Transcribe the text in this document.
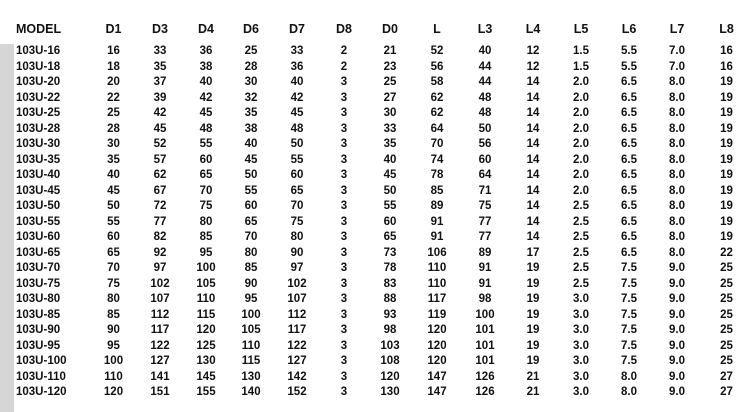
MODEL	D1	D3	D4	D6	D7	D8	D0	L	L3	L4	L5	L6	L7	L8
103U-16	16	33	36	25	33	2	21	52	40	12	1.5	5.5	7.0	16
103U-18	18	35	38	28	36	2	23	56	44	12	1.5	5.5	7.0	16
103U-20	20	37	40	30	40	3	25	58	44	14	2.0	6.5	8.0	19
103U-22	22	39	42	32	42	3	27	62	48	14	2.0	6.5	8.0	19
103U-25	25	42	45	35	45	3	30	62	48	14	2.0	6.5	8.0	19
103U-28	28	45	48	38	48	3	33	64	50	14	2.0	6.5	8.0	19
103U-30	30	52	55	40	50	3	35	70	56	14	2.0	6.5	8.0	19
103U-35	35	57	60	45	55	3	40	74	60	14	2.0	6.5	8.0	19
103U-40	40	62	65	50	60	3	45	78	64	14	2.0	6.5	8.0	19
103U-45	45	67	70	55	65	3	50	85	71	14	2.0	6.5	8.0	19
103U-50	50	72	75	60	70	3	55	89	75	14	2.5	6.5	8.0	19
103U-55	55	77	80	65	75	3	60	91	77	14	2.5	6.5	8.0	19
103U-60	60	82	85	70	80	3	65	91	77	14	2.5	6.5	8.0	19
103U-65	65	92	95	80	90	3	73	106	89	17	2.5	6.5	8.0	22
103U-70	70	97	100	85	97	3	78	110	91	19	2.5	7.5	9.0	25
103U-75	75	102	105	90	102	3	83	110	91	19	2.5	7.5	9.0	25
103U-80	80	107	110	95	107	3	88	117	98	19	3.0	7.5	9.0	25
103U-85	85	112	115	100	112	3	93	119	100	19	3.0	7.5	9.0	25
103U-90	90	117	120	105	117	3	98	120	101	19	3.0	7.5	9.0	25
103U-95	95	122	125	110	122	3	103	120	101	19	3.0	7.5	9.0	25
103U-100	100	127	130	115	127	3	108	120	101	19	3.0	7.5	9.0	25
103U-110	110	141	145	130	142	3	120	147	126	21	3.0	8.0	9.0	27
103U-120	120	151	155	140	152	3	130	147	126	21	3.0	8.0	9.0	27
